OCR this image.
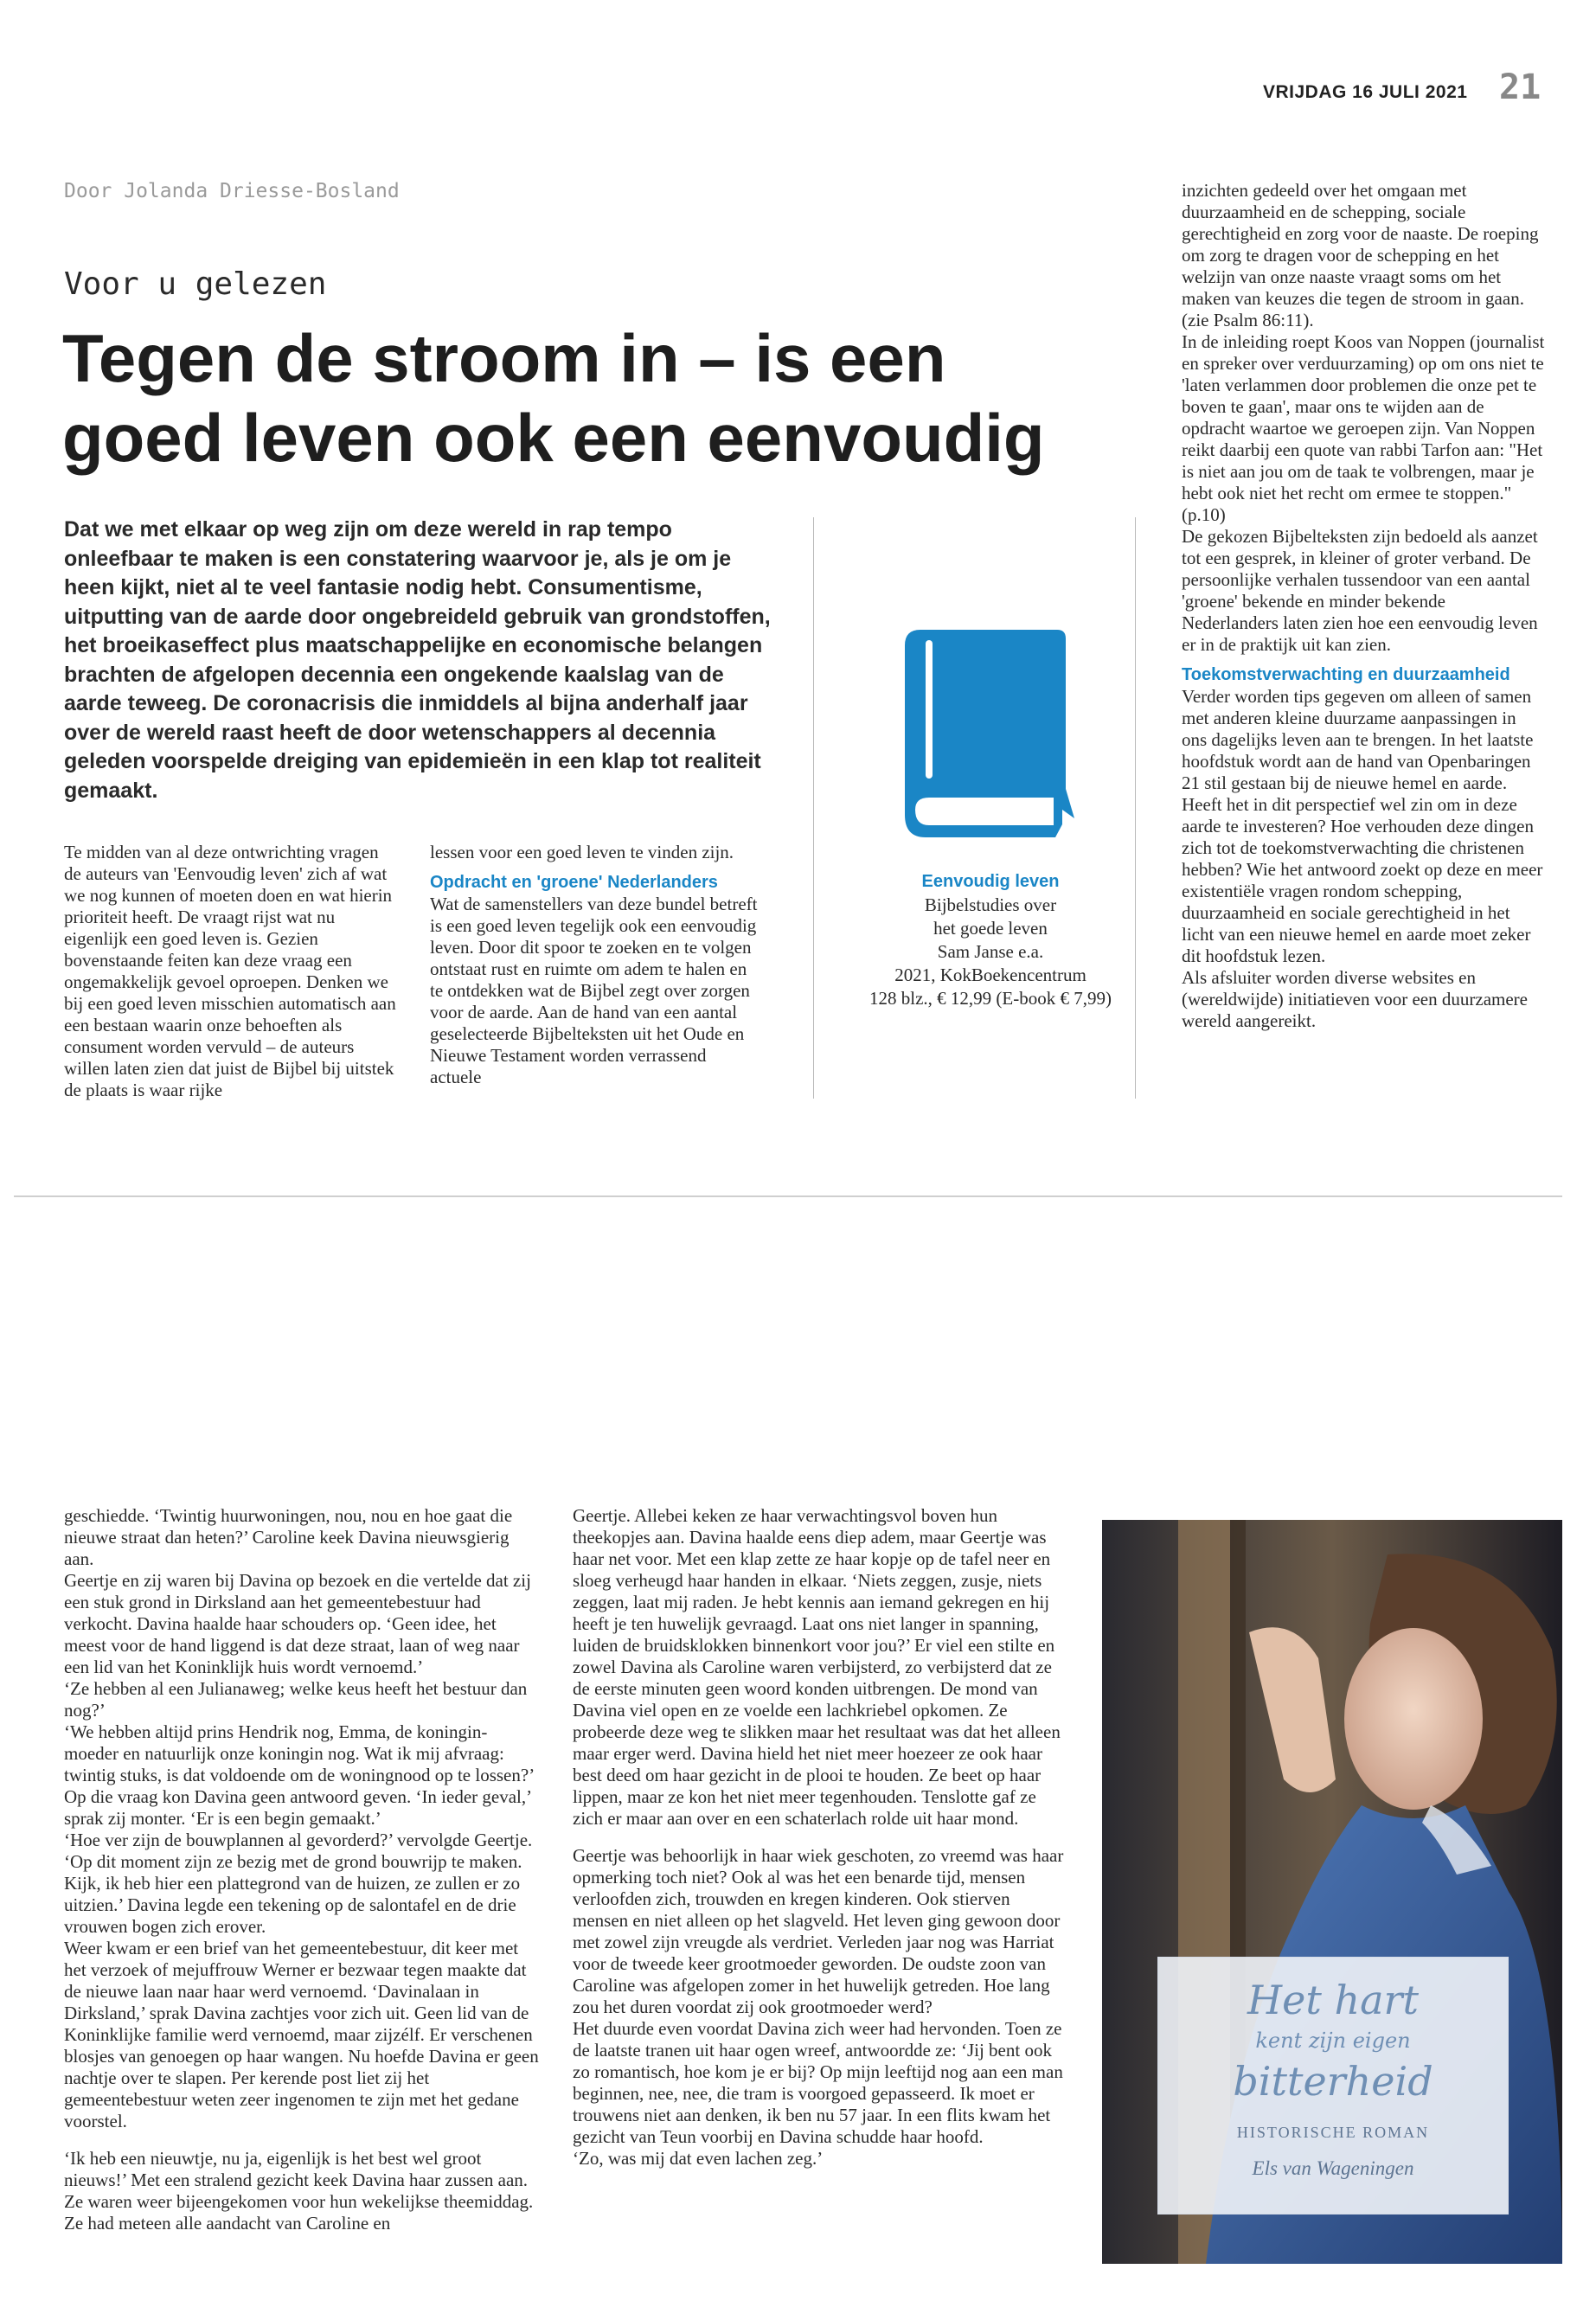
VRIJDAG 16 JULI 2021 21
Door Jolanda Driesse-Bosland
Voor u gelezen
Tegen de stroom in – is een
goed leven ook een eenvoudig

Dat we met elkaar op weg zijn om deze wereld in rap tempo onleefbaar te maken is een constatering waarvoor je, als je om je heen kijkt, niet al te veel fantasie nodig hebt. Consumentisme, uitputting van de aarde door ongebreideld gebruik van grondstoffen, het broeikaseffect plus maatschappelijke en economische belangen brachten de afgelopen decennia een ongekende kaalslag van de aarde teweeg. De coronacrisis die inmiddels al bijna anderhalf jaar over de wereld raast heeft de door wetenschappers al decennia geleden voorspelde dreiging van epidemieën in een klap tot realiteit gemaakt.

Te midden van al deze ontwrichting vragen de auteurs van 'Eenvoudig leven' zich af wat we nog kunnen of moeten doen en wat hierin prioriteit heeft. De vraagt rijst wat nu eigenlijk een goed leven is. Gezien bovenstaande feiten kan deze vraag een ongemakkelijk gevoel oproepen. Denken we bij een goed leven misschien automatisch aan een bestaan waarin onze behoeften als consument worden vervuld – de auteurs willen laten zien dat juist de Bijbel bij uitstek de plaats is waar rijke

lessen voor een goed leven te vinden zijn.

Opdracht en 'groene' Nederlanders

Wat de samenstellers van deze bundel betreft is een goed leven tegelijk ook een eenvoudig leven. Door dit spoor te zoeken en te volgen ontstaat rust en ruimte om adem te halen en te ontdekken wat de Bijbel zegt over zorgen voor de aarde. Aan de hand van een aantal geselecteerde Bijbelteksten uit het Oude en Nieuwe Testament worden verrassend actuele

Eenvoudig leven
Bijbelstudies over
het goede leven
Sam Janse e.a.
2021, KokBoekencentrum
128 blz., € 12,99 (E-book € 7,99)

inzichten gedeeld over het omgaan met duurzaamheid en de schepping, sociale gerechtigheid en zorg voor de naaste. De roeping om zorg te dragen voor de schepping en het welzijn van onze naaste vraagt soms om het maken van keuzes die tegen de stroom in gaan. (zie Psalm 86:11).

In de inleiding roept Koos van Noppen (journalist en spreker over verduurzaming) op om ons niet te 'laten verlammen door problemen die onze pet te boven te gaan', maar ons te wijden aan de opdracht waartoe we geroepen zijn. Van Noppen reikt daarbij een quote van rabbi Tarfon aan: "Het is niet aan jou om de taak te volbrengen, maar je hebt ook niet het recht om ermee te stoppen." (p.10)

De gekozen Bijbelteksten zijn bedoeld als aanzet tot een gesprek, in kleiner of groter verband. De persoonlijke verhalen tussendoor van een aantal 'groene' bekende en minder bekende Nederlanders laten zien hoe een eenvoudig leven er in de praktijk uit kan zien.

Toekomstverwachting en duurzaamheid

Verder worden tips gegeven om alleen of samen met anderen kleine duurzame aanpassingen in ons dagelijks leven aan te brengen. In het laatste hoofdstuk wordt aan de hand van Openbaringen 21 stil gestaan bij de nieuwe hemel en aarde. Heeft het in dit perspectief wel zin om in deze aarde te investeren? Hoe verhouden deze dingen zich tot de toekomstverwachting die christenen hebben? Wie het antwoord zoekt op deze en meer existentiële vragen rondom schepping, duurzaamheid en sociale gerechtigheid in het licht van een nieuwe hemel en aarde moet zeker dit hoofdstuk lezen.

Als afsluiter worden diverse websites en (wereldwijde) initiatieven voor een duurzamere wereld aangereikt.

geschiedde. ‘Twintig huurwoningen, nou, nou en hoe gaat die nieuwe straat dan heten?’ Caroline keek Davina nieuwsgierig aan.

Geertje en zij waren bij Davina op bezoek en die vertelde dat zij een stuk grond in Dirksland aan het gemeentebestuur had verkocht. Davina haalde haar schouders op. ‘Geen idee, het meest voor de hand liggend is dat deze straat, laan of weg naar een lid van het Koninklijk huis wordt vernoemd.’

‘Ze hebben al een Julianaweg; welke keus heeft het bestuur dan nog?’

‘We hebben altijd prins Hendrik nog, Emma, de koningin-moeder en natuurlijk onze koningin nog. Wat ik mij afvraag: twintig stuks, is dat voldoende om de woningnood op te lossen?’ Op die vraag kon Davina geen antwoord geven. ‘In ieder geval,’ sprak zij monter. ‘Er is een begin gemaakt.’

‘Hoe ver zijn de bouwplannen al gevorderd?’ vervolgde Geertje. ‘Op dit moment zijn ze bezig met de grond bouwrijp te maken. Kijk, ik heb hier een plattegrond van de huizen, ze zullen er zo uitzien.’ Davina legde een tekening op de salontafel en de drie vrouwen bogen zich erover.

Weer kwam er een brief van het gemeentebestuur, dit keer met het verzoek of mejuffrouw Werner er bezwaar tegen maakte dat de nieuwe laan naar haar werd vernoemd. ‘Davinalaan in Dirksland,’ sprak Davina zachtjes voor zich uit. Geen lid van de Koninklijke familie werd vernoemd, maar zijzélf. Er verschenen blosjes van genoegen op haar wangen. Nu hoefde Davina er geen nachtje over te slapen. Per kerende post liet zij het gemeentebestuur weten zeer ingenomen te zijn met het gedane voorstel.

‘Ik heb een nieuwtje, nu ja, eigenlijk is het best wel groot nieuws!’ Met een stralend gezicht keek Davina haar zussen aan. Ze waren weer bijeengekomen voor hun wekelijkse theemiddag. Ze had meteen alle aandacht van Caroline en

Geertje. Allebei keken ze haar verwachtingsvol boven hun theekopjes aan. Davina haalde eens diep adem, maar Geertje was haar net voor. Met een klap zette ze haar kopje op de tafel neer en sloeg verheugd haar handen in elkaar. ‘Niets zeggen, zusje, niets zeggen, laat mij raden. Je hebt kennis aan iemand gekregen en hij heeft je ten huwelijk gevraagd. Laat ons niet langer in spanning, luiden de bruidsklokken binnenkort voor jou?’ Er viel een stilte en zowel Davina als Caroline waren verbijsterd, zo verbijsterd dat ze de eerste minuten geen woord konden uitbrengen. De mond van Davina viel open en ze voelde een lachkriebel opkomen. Ze probeerde deze weg te slikken maar het resultaat was dat het alleen maar erger werd. Davina hield het niet meer hoezeer ze ook haar best deed om haar gezicht in de plooi te houden. Ze beet op haar lippen, maar ze kon het niet meer tegenhouden. Tenslotte gaf ze zich er maar aan over en een schaterlach rolde uit haar mond.

Geertje was behoorlijk in haar wiek geschoten, zo vreemd was haar opmerking toch niet? Ook al was het een benarde tijd, mensen verloofden zich, trouwden en kregen kinderen. Ook stierven mensen en niet alleen op het slagveld. Het leven ging gewoon door met zowel zijn vreugde als verdriet. Verleden jaar nog was Harriat voor de tweede keer grootmoeder geworden. De oudste zoon van Caroline was afgelopen zomer in het huwelijk getreden. Hoe lang zou het duren voordat zij ook grootmoeder werd?

Het duurde even voordat Davina zich weer had hervonden. Toen ze de laatste tranen uit haar ogen wreef, antwoordde ze: ‘Jij bent ook zo romantisch, hoe kom je er bij? Op mijn leeftijd nog aan een man beginnen, nee, nee, die tram is voorgoed gepasseerd. Ik moet er trouwens niet aan denken, ik ben nu 57 jaar. In een flits kwam het gezicht van Teun voorbij en Davina schudde haar hoofd.

‘Zo, was mij dat even lachen zeg.’

Het hart
kent zijn eigen
bitterheid
HISTORISCHE ROMAN
Els van Wageningen
